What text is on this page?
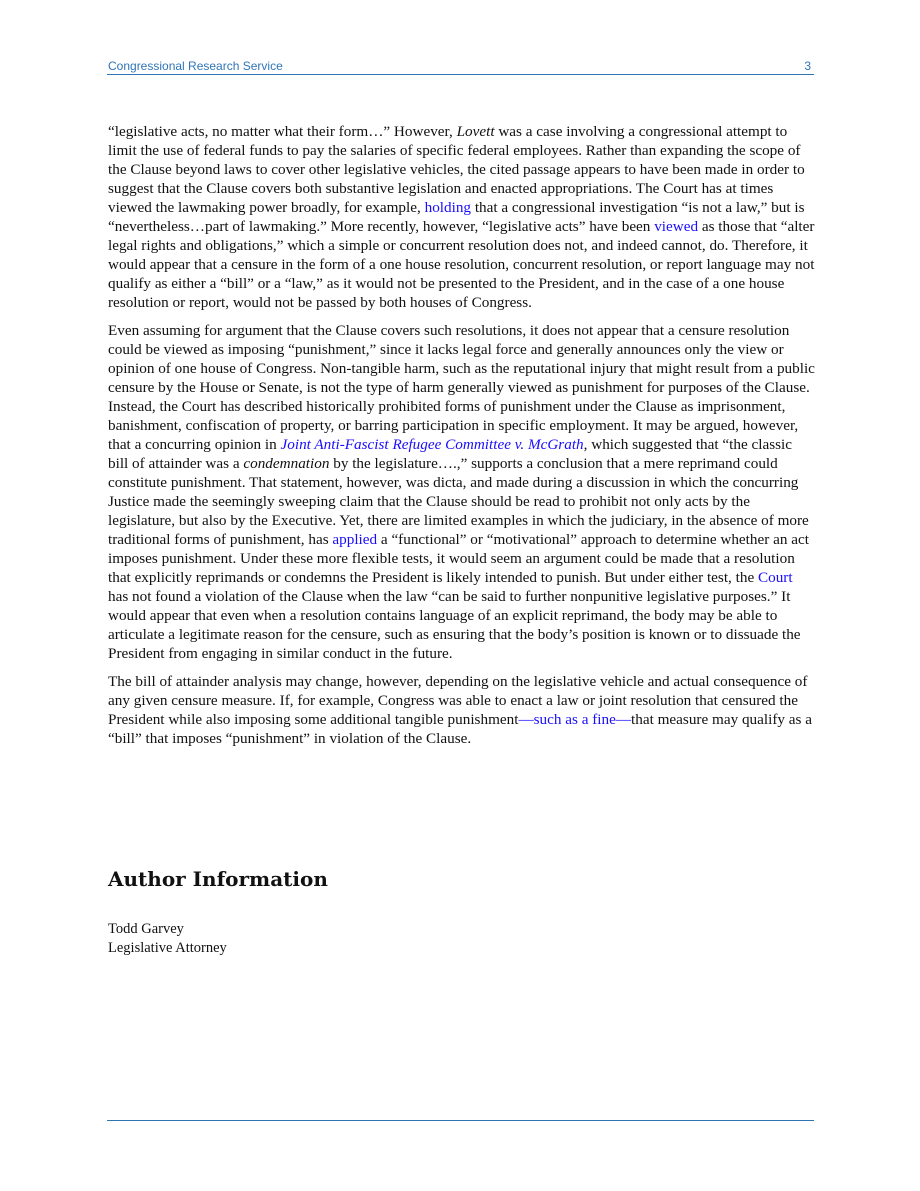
Congressional Research Service	3

“legislative acts, no matter what their form…” However, Lovett was a case involving a congressional attempt to limit the use of federal funds to pay the salaries of specific federal employees. Rather than expanding the scope of the Clause beyond laws to cover other legislative vehicles, the cited passage appears to have been made in order to suggest that the Clause covers both substantive legislation and enacted appropriations. The Court has at times viewed the lawmaking power broadly, for example, holding that a congressional investigation “is not a law,” but is “nevertheless…part of lawmaking.” More recently, however, “legislative acts” have been viewed as those that “alter legal rights and obligations,” which a simple or concurrent resolution does not, and indeed cannot, do. Therefore, it would appear that a censure in the form of a one house resolution, concurrent resolution, or report language may not qualify as either a “bill” or a “law,” as it would not be presented to the President, and in the case of a one house resolution or report, would not be passed by both houses of Congress.

Even assuming for argument that the Clause covers such resolutions, it does not appear that a censure resolution could be viewed as imposing “punishment,” since it lacks legal force and generally announces only the view or opinion of one house of Congress. Non-tangible harm, such as the reputational injury that might result from a public censure by the House or Senate, is not the type of harm generally viewed as punishment for purposes of the Clause. Instead, the Court has described historically prohibited forms of punishment under the Clause as imprisonment, banishment, confiscation of property, or barring participation in specific employment. It may be argued, however, that a concurring opinion in Joint Anti-Fascist Refugee Committee v. McGrath, which suggested that “the classic bill of attainder was a condemnation by the legislature….,” supports a conclusion that a mere reprimand could constitute punishment. That statement, however, was dicta, and made during a discussion in which the concurring Justice made the seemingly sweeping claim that the Clause should be read to prohibit not only acts by the legislature, but also by the Executive. Yet, there are limited examples in which the judiciary, in the absence of more traditional forms of punishment, has applied a “functional” or “motivational” approach to determine whether an act imposes punishment. Under these more flexible tests, it would seem an argument could be made that a resolution that explicitly reprimands or condemns the President is likely intended to punish. But under either test, the Court has not found a violation of the Clause when the law “can be said to further nonpunitive legislative purposes.” It would appear that even when a resolution contains language of an explicit reprimand, the body may be able to articulate a legitimate reason for the censure, such as ensuring that the body’s position is known or to dissuade the President from engaging in similar conduct in the future.

The bill of attainder analysis may change, however, depending on the legislative vehicle and actual consequence of any given censure measure. If, for example, Congress was able to enact a law or joint resolution that censured the President while also imposing some additional tangible punishment—such as a fine—that measure may qualify as a “bill” that imposes “punishment” in violation of the Clause.

Author Information
Todd Garvey
Legislative Attorney
